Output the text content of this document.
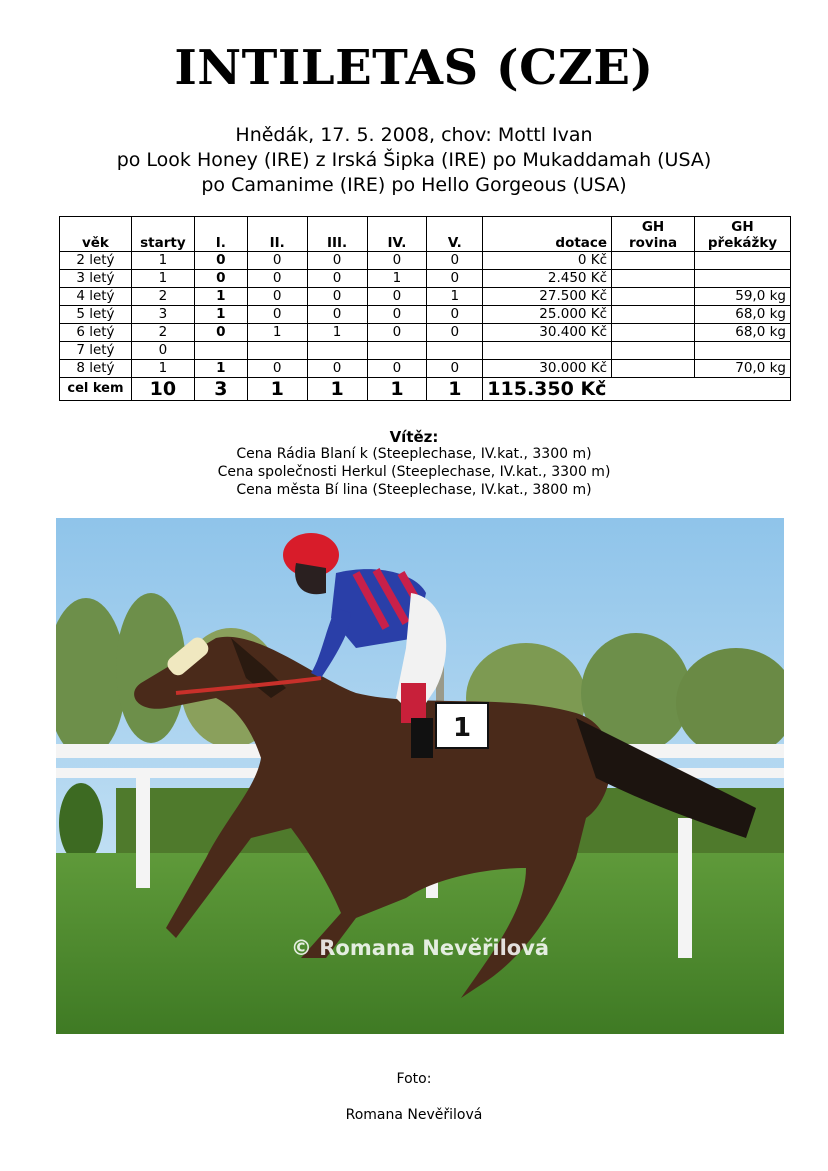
INTILETAS (CZE)
Hnědák, 17. 5. 2008, chov: Mottl Ivan
po Look Honey (IRE) z Irská Šipka (IRE) po Mukaddamah (USA)
po Camanime (IRE) po Hello Gorgeous (USA)
věk	starty	I.	II.	III.	IV.	V.	dotace	GH rovina	GH překážky
2 letý	1	0	0	0	0	0	0 Kč		
3 letý	1	0	0	0	1	0	2.450 Kč		
4 letý	2	1	0	0	0	1	27.500 Kč		59,0 kg
5 letý	3	1	0	0	0	0	25.000 Kč		68,0 kg
6 letý	2	0	1	1	0	0	30.400 Kč		68,0 kg
7 letý	0								
8 letý	1	1	0	0	0	0	30.000 Kč		70,0 kg
cel kem	10	3	1	1	1	1	115.350 Kč		
Vítěz:
Cena Rádia Blaní k (Steeplechase, IV.kat., 3300 m)
Cena společnosti Herkul (Steeplechase, IV.kat., 3300 m)
Cena města Bí lina (Steeplechase, IV.kat., 3800 m)
1
© Romana Nevěřilová
Foto:
Romana Nevěřilová
